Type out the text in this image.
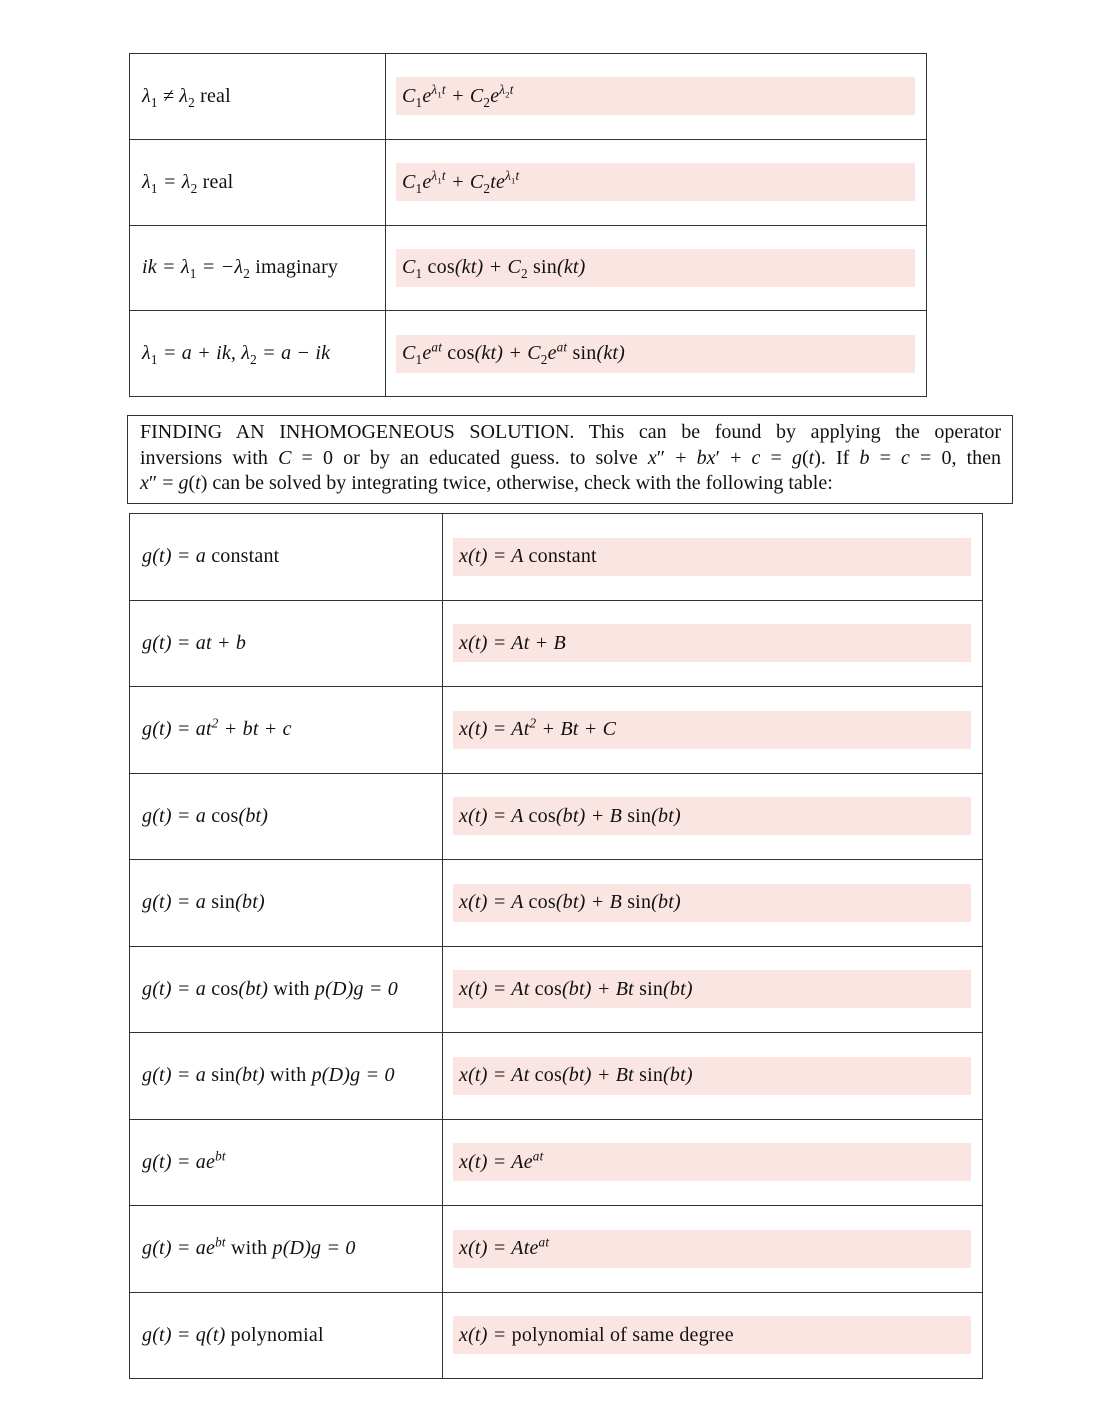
$\lambda_1 \ne \lambda_2$ real	$C_1e^{\lambda_1t} + C_2e^{\lambda_2t}$
$\lambda_1 = \lambda_2$ real	$C_1e^{\lambda_1t} + C_2te^{\lambda_1t}$
ik = $\lambda_1 = -\lambda_2$ imaginary	$C_1$ $\cos(kt) + C_2$ sin(kt)
$\lambda_1 = a$ + ik, $\lambda_2 = a$ − ik	$C_1e^{at}$ $\cos(kt) + C_2e^{at}$ sin(kt)
FINDING AN INHOMOGENEOUS SOLUTION. This can be found by applying the operator
inversions with C = 0 or by an educated guess. to solve x″ + bx′ + c = g(t). If b = c = 0, then
x″ = g(t) can be solved by integrating twice, otherwise, check with the following table:
g(t) = a constant	x(t) = A constant
g(t) = at + b	x(t) = At + B
$g(t) = at^2$ + bt + c	$x(t) = At^2 + Bt + C$
g(t) = a cos(bt)	x(t) = A cos(bt) + B sin(bt)
g(t) = a sin(bt)	x(t) = A cos(bt) + B sin(bt)
g(t) = a cos(bt) with p(D)g = 0	x(t) = At cos(bt) + Bt sin(bt)
g(t) = a sin(bt) with p(D)g = 0	x(t) = At cos(bt) + Bt sin(bt)
$g(t) = ae^{bt}$	$x(t) = Ae^{at}$
$g(t) = ae^{bt}$ with p(D)g = 0	x(t) = Ate$^{at}$
g(t) = q(t) polynomial	x(t) = polynomial of same degree
